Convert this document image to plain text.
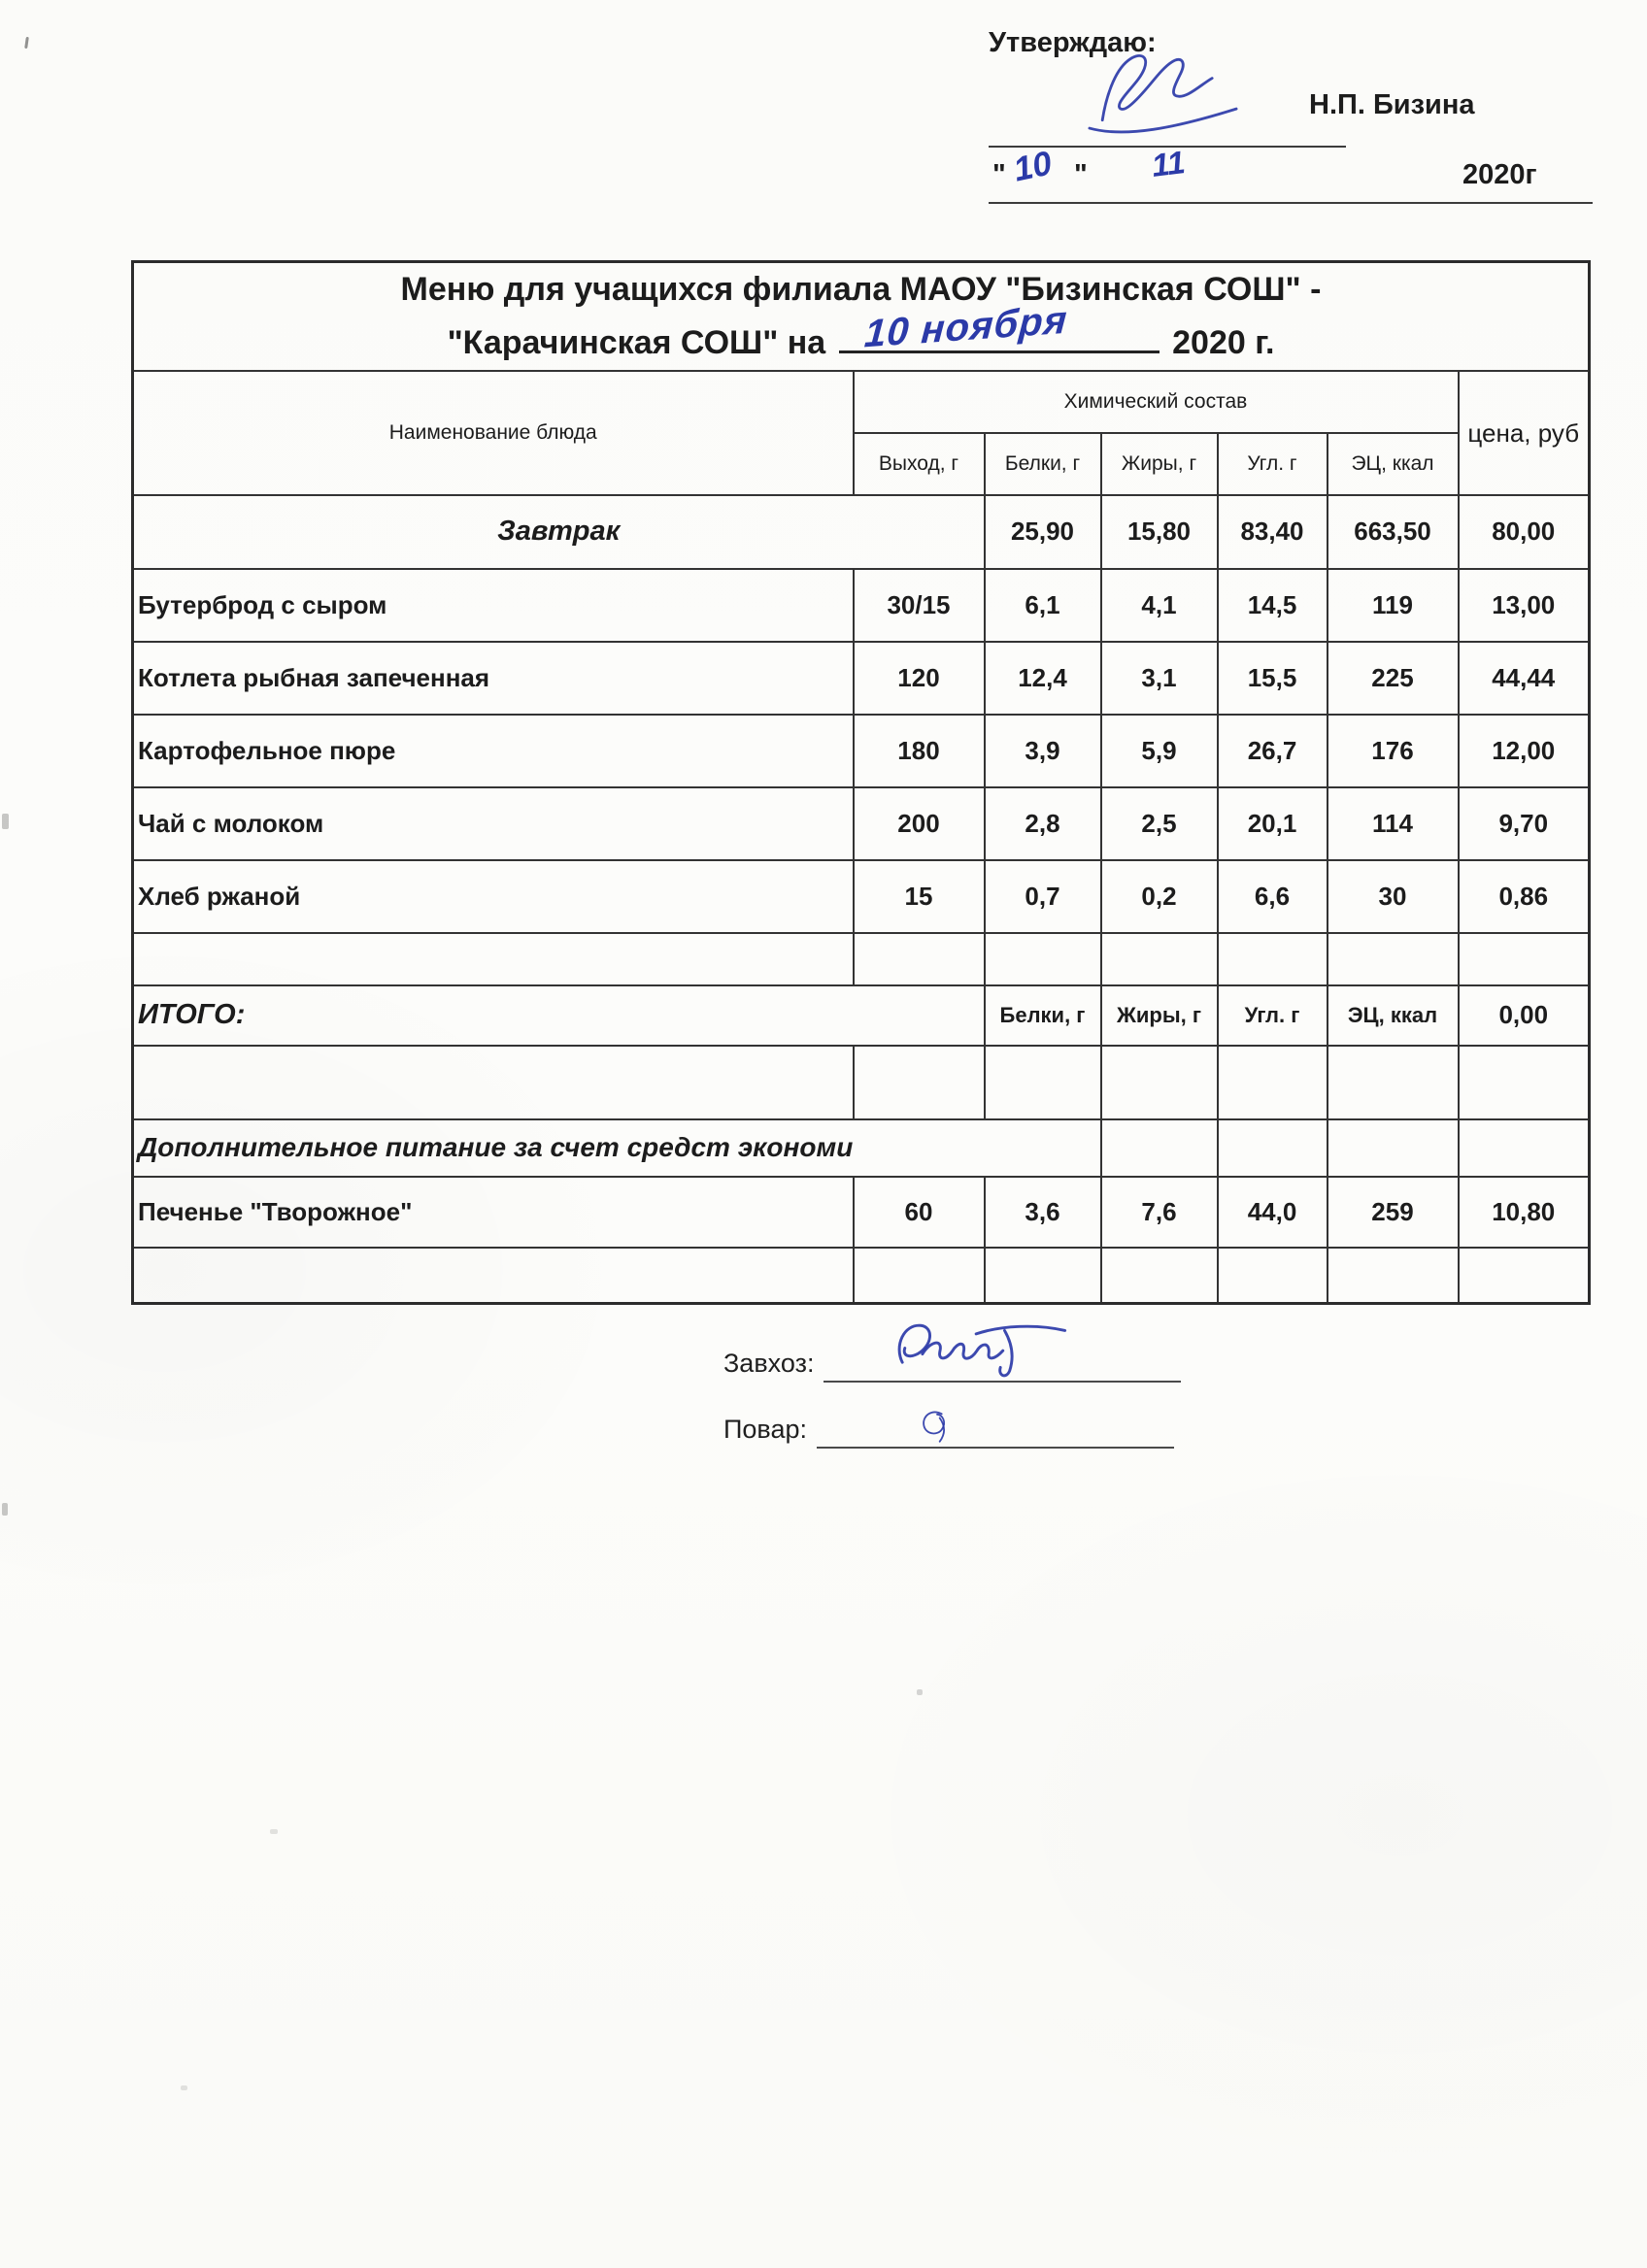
Утверждаю:
Н.П. Бизина
" 10 " 11	2020г
Меню для учащихся филиала МАОУ "Бизинская СОШ" -
"Карачинская СОШ" на 10 ноября 2020 г.						

Наименование блюда	Химический состав					цена, руб
	Выход, г	Белки, г	Жиры, г	Угл. г	ЭЦ, ккал	
Завтрак		25,90	15,80	83,40	663,50	80,00
Бутерброд с сыром	30/15	6,1	4,1	14,5	119	13,00
Котлета рыбная запеченная	120	12,4	3,1	15,5	225	44,44
Картофельное пюре	180	3,9	5,9	26,7	176	12,00
Чай с молоком	200	2,8	2,5	20,1	114	9,70
Хлеб ржаной	15	0,7	0,2	6,6	30	0,86

ИТОГО:		Белки, г	Жиры, г	Угл. г	ЭЦ, ккал	0,00

Дополнительное питание за счет средст экономи						
Печенье "Творожное"	60	3,6	7,6	44,0	259	10,80

Завхоз:
Повар:
